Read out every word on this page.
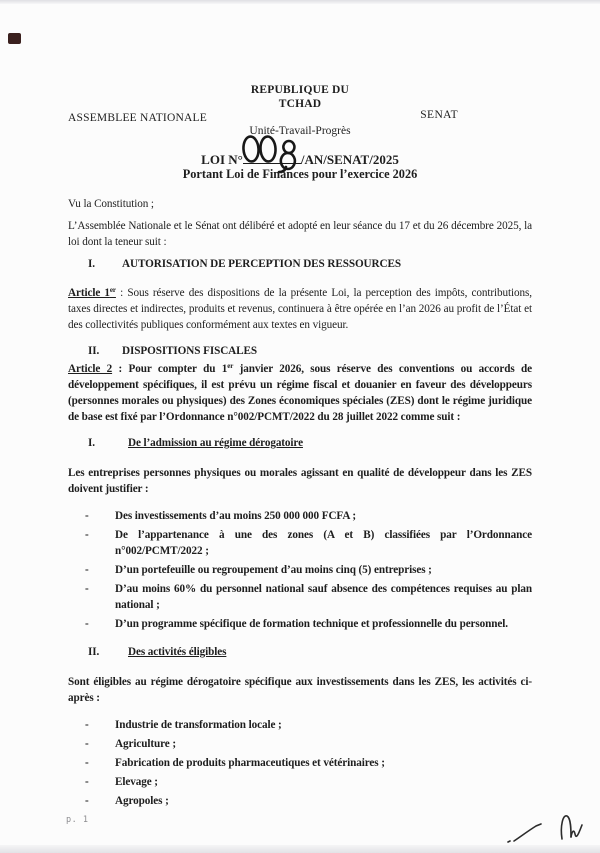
REPUBLIQUE DU
TCHAD
ASSEMBLEE NATIONALE	SENAT
Unité-Travail-Progrès
LOI N°	/AN/SENAT/2025
Portant Loi de Finances pour l’exercice 2026

Vu la Constitution ;

L’Assemblée Nationale et le Sénat ont délibéré et adopté en leur séance du 17 et du 26 décembre 2025, la loi dont la teneur suit :

I.	AUTORISATION DE PERCEPTION DES RESSOURCES

Article 1er : Sous réserve des dispositions de la présente Loi, la perception des impôts, contributions, taxes directes et indirectes, produits et revenus, continuera à être opérée en l’an 2026 au profit de l’État et des collectivités publiques conformément aux textes en vigueur.

II.	DISPOSITIONS FISCALES

Article 2 : Pour compter du 1er janvier 2026, sous réserve des conventions ou accords de développement spécifiques, il est prévu un régime fiscal et douanier en faveur des développeurs (personnes morales ou physiques) des Zones économiques spéciales (ZES) dont le régime juridique de base est fixé par l’Ordonnance n°002/PCMT/2022 du 28 juillet 2022 comme suit :

I.	De l’admission au régime dérogatoire

Les entreprises personnes physiques ou morales agissant en qualité de développeur dans les ZES doivent justifier :

- Des investissements d’au moins 250 000 000 FCFA ;
- De l’appartenance à une des zones (A et B) classifiées par l’Ordonnance n°002/PCMT/2022 ;
- D’un portefeuille ou regroupement d’au moins cinq (5) entreprises ;
- D’au moins 60% du personnel national sauf absence des compétences requises au plan national ;
- D’un programme spécifique de formation technique et professionnelle du personnel.
II.	Des activités éligibles

Sont éligibles au régime dérogatoire spécifique aux investissements dans les ZES, les activités ci-après :

- Industrie de transformation locale ;
- Agriculture ;
- Fabrication de produits pharmaceutiques et vétérinaires ;
- Elevage ;
- Agropoles ;
p. 1
